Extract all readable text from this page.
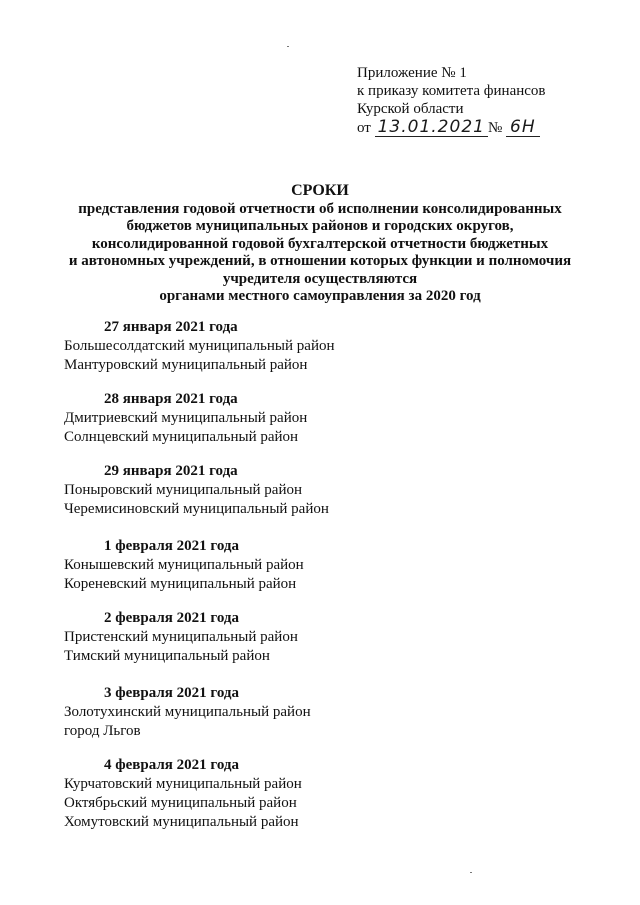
Приложение № 1
к приказу комитета финансов
Курской области
от 13.01.2021 № 6Н
СРОКИ
представления годовой отчетности об исполнении консолидированных
бюджетов муниципальных районов и городских округов,
консолидированной годовой бухгалтерской отчетности бюджетных
и автономных учреждений, в отношении которых функции и полномочия
учредителя осуществляются
органами местного самоуправления за 2020 год
27 января 2021 года
Большесолдатский муниципальный район
Мантуровский муниципальный район
28 января 2021 года
Дмитриевский муниципальный район
Солнцевский муниципальный район
29 января 2021 года
Поныровский муниципальный район
Черемисиновский муниципальный район
1 февраля 2021 года
Конышевский муниципальный район
Кореневский муниципальный район
2 февраля 2021 года
Пристенский муниципальный район
Тимский муниципальный район
3 февраля 2021 года
Золотухинский муниципальный район
город Льгов
4 февраля 2021 года
Курчатовский муниципальный район
Октябрьский муниципальный район
Хомутовский муниципальный район
